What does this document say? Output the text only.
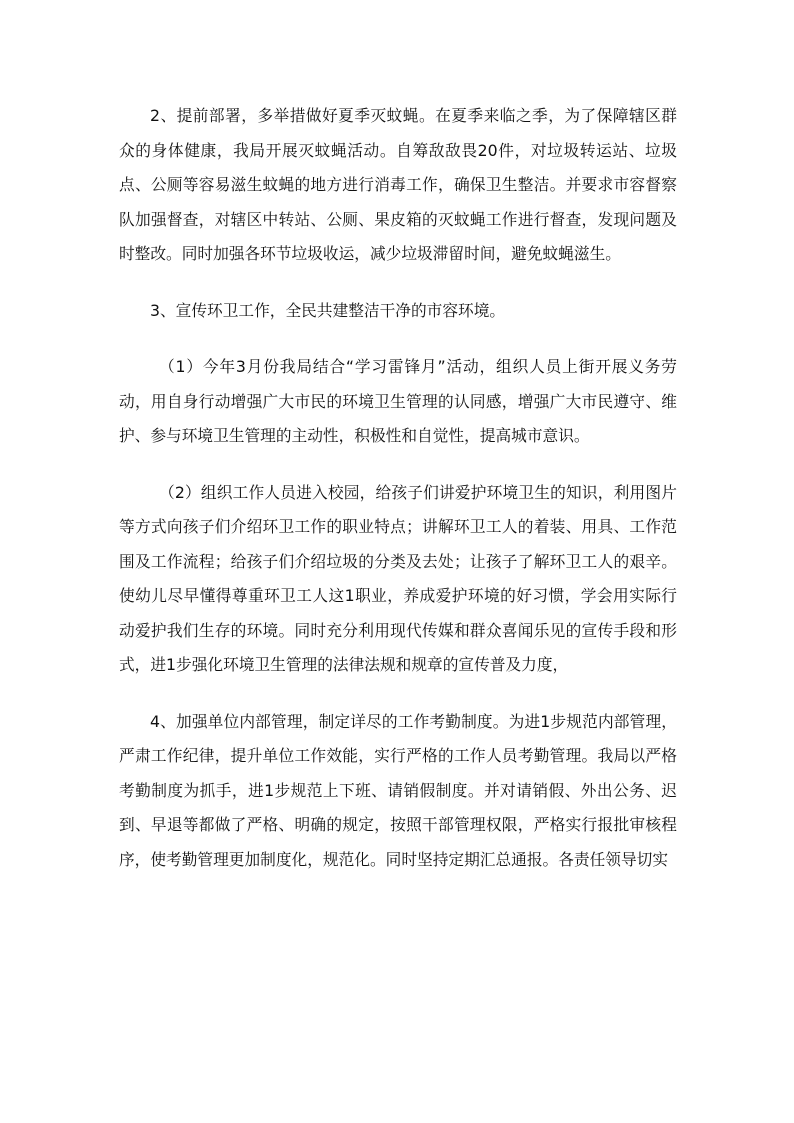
2、提前部署，多举措做好夏季灭蚊蝇。在夏季来临之季，为了保障辖区群众的身体健康，我局开展灭蚊蝇活动。自筹敌敌畏20件，对垃圾转运站、垃圾点、公厕等容易滋生蚊蝇的地方进行消毒工作，确保卫生整洁。并要求市容督察队加强督查，对辖区中转站、公厕、果皮箱的灭蚊蝇工作进行督查，发现问题及时整改。同时加强各环节垃圾收运，减少垃圾滞留时间，避免蚊蝇滋生。

3、宣传环卫工作，全民共建整洁干净的市容环境。

（1）今年3月份我局结合“学习雷锋月”活动，组织人员上街开展义务劳动，用自身行动增强广大市民的环境卫生管理的认同感，增强广大市民遵守、维护、参与环境卫生管理的主动性，积极性和自觉性，提高城市意识。

（2）组织工作人员进入校园，给孩子们讲爱护环境卫生的知识，利用图片等方式向孩子们介绍环卫工作的职业特点；讲解环卫工人的着装、用具、工作范围及工作流程；给孩子们介绍垃圾的分类及去处；让孩子了解环卫工人的艰辛。使幼儿尽早懂得尊重环卫工人这1职业，养成爱护环境的好习惯，学会用实际行动爱护我们生存的环境。同时充分利用现代传媒和群众喜闻乐见的宣传手段和形式，进1步强化环境卫生管理的法律法规和规章的宣传普及力度，

4、加强单位内部管理，制定详尽的工作考勤制度。为进1步规范内部管理，严肃工作纪律，提升单位工作效能，实行严格的工作人员考勤管理。我局以严格考勤制度为抓手，进1步规范上下班、请销假制度。并对请销假、外出公务、迟到、早退等都做了严格、明确的规定，按照干部管理权限，严格实行报批审核程序，使考勤管理更加制度化，规范化。同时坚持定期汇总通报。各责任领导切实
